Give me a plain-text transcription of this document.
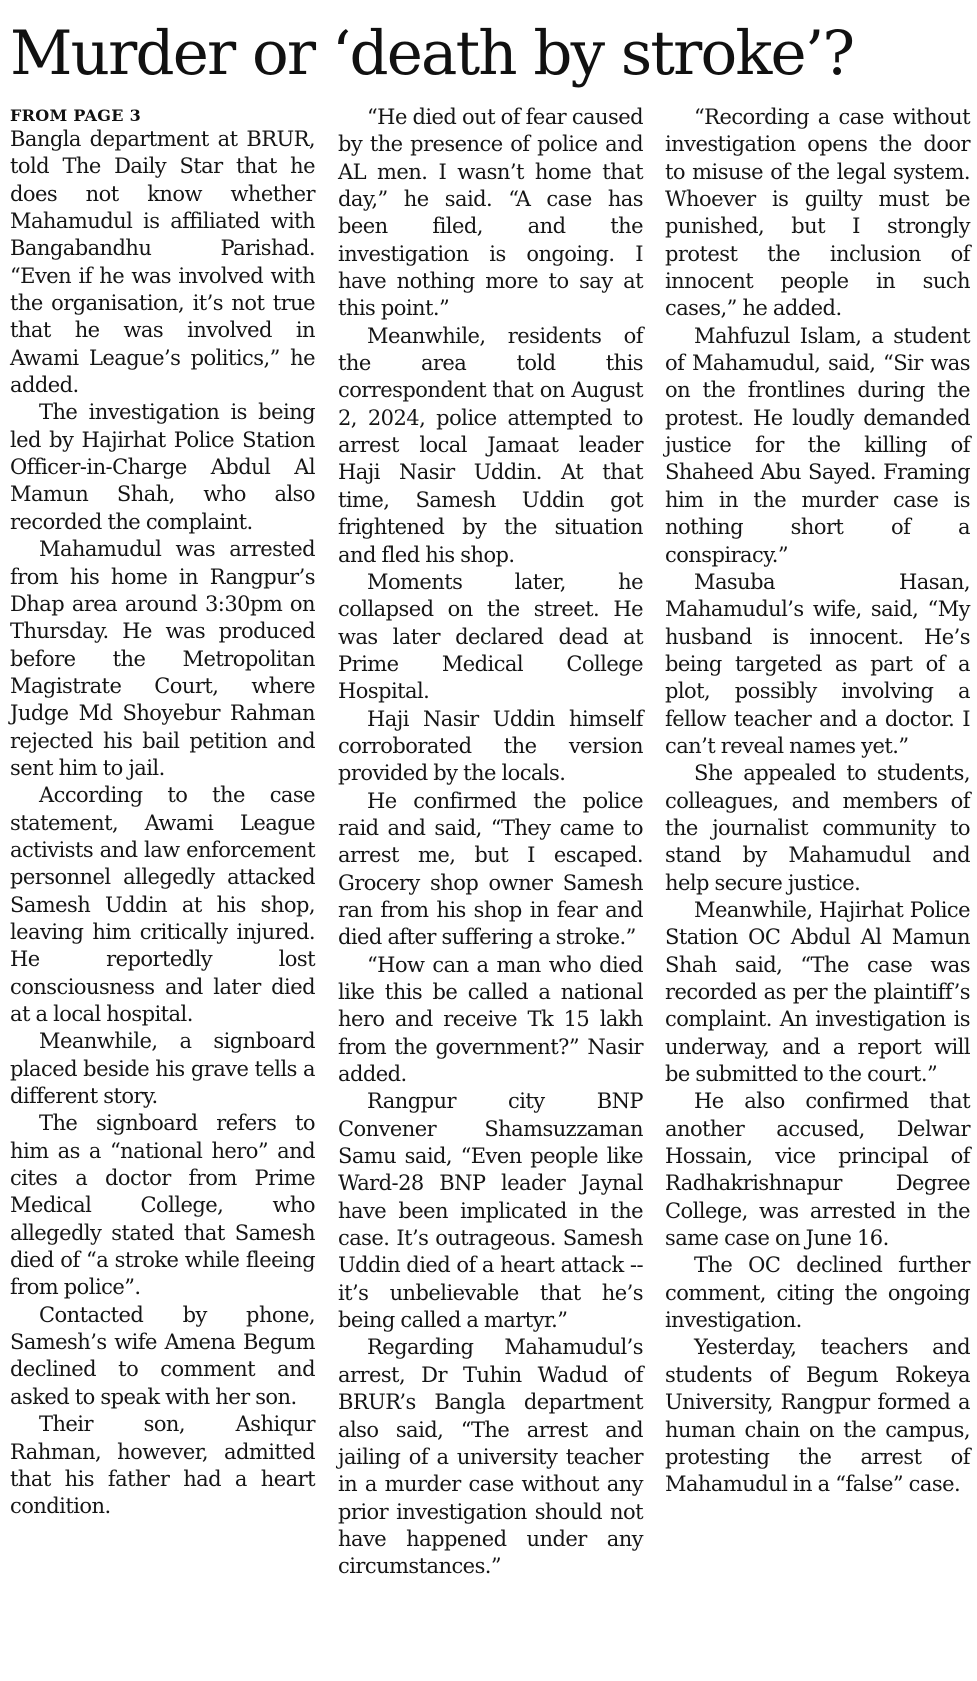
Murder or ‘death by stroke’?
FROM PAGE 3

Bangla department at BRUR, told The Daily Star that he does not know whether Mahamudul is affiliated with Bangabandhu Parishad. “Even if he was involved with the organisation, it’s not true that he was involved in Awami League’s politics,” he added.

The investigation is being led by Hajirhat Police Station Officer-in-Charge Abdul Al Mamun Shah, who also recorded the complaint.

Mahamudul was arrested from his home in Rangpur’s Dhap area around 3:30pm on Thursday. He was produced before the Metropolitan Magistrate Court, where Judge Md Shoyebur Rahman rejected his bail petition and sent him to jail.

According to the case statement, Awami League activists and law enforcement personnel allegedly attacked Samesh Uddin at his shop, leaving him critically injured. He reportedly lost consciousness and later died at a local hospital.

Meanwhile, a signboard placed beside his grave tells a different story.

The signboard refers to him as a “national hero” and cites a doctor from Prime Medical College, who allegedly stated that Samesh died of “a stroke while fleeing from police”.

Contacted by phone, Samesh’s wife Amena Begum declined to comment and asked to speak with her son.

Their son, Ashiqur Rahman, however, admitted that his father had a heart condition.

“He died out of fear caused by the presence of police and AL men. I wasn’t home that day,” he said. “A case has been filed, and the investigation is ongoing. I have nothing more to say at this point.”

Meanwhile, residents of the area told this correspondent that on August 2, 2024, police attempted to arrest local Jamaat leader Haji Nasir Uddin. At that time, Samesh Uddin got frightened by the situation and fled his shop.

Moments later, he collapsed on the street. He was later declared dead at Prime Medical College Hospital.

Haji Nasir Uddin himself corroborated the version provided by the locals.

He confirmed the police raid and said, “They came to arrest me, but I escaped. Grocery shop owner Samesh ran from his shop in fear and died after suffering a stroke.”

“How can a man who died like this be called a national hero and receive Tk 15 lakh from the government?” Nasir added.

Rangpur city BNP Convener Shamsuzzaman Samu said, “Even people like Ward-28 BNP leader Jaynal have been implicated in the case. It’s outrageous. Samesh Uddin died of a heart attack -- it’s unbelievable that he’s being called a martyr.”

Regarding Mahamudul’s arrest, Dr Tuhin Wadud of BRUR’s Bangla department also said, “The arrest and jailing of a university teacher in a murder case without any prior investigation should not have happened under any circumstances.”

“Recording a case without investigation opens the door to misuse of the legal system. Whoever is guilty must be punished, but I strongly protest the inclusion of innocent people in such cases,” he added.

Mahfuzul Islam, a student of Mahamudul, said, “Sir was on the frontlines during the protest. He loudly demanded justice for the killing of Shaheed Abu Sayed. Framing him in the murder case is nothing short of a conspiracy.”

Masuba Hasan, Mahamudul’s wife, said, “My husband is innocent. He’s being targeted as part of a plot, possibly involving a fellow teacher and a doctor. I can’t reveal names yet.”

She appealed to students, colleagues, and members of the journalist community to stand by Mahamudul and help secure justice.

Meanwhile, Hajirhat Police Station OC Abdul Al Mamun Shah said, “The case was recorded as per the plaintiff’s complaint. An investigation is underway, and a report will be submitted to the court.”

He also confirmed that another accused, Delwar Hossain, vice principal of Radhakrishnapur Degree College, was arrested in the same case on June 16.

The OC declined further comment, citing the ongoing investigation.

Yesterday, teachers and students of Begum Rokeya University, Rangpur formed a human chain on the campus, protesting the arrest of Mahamudul in a “false” case.
